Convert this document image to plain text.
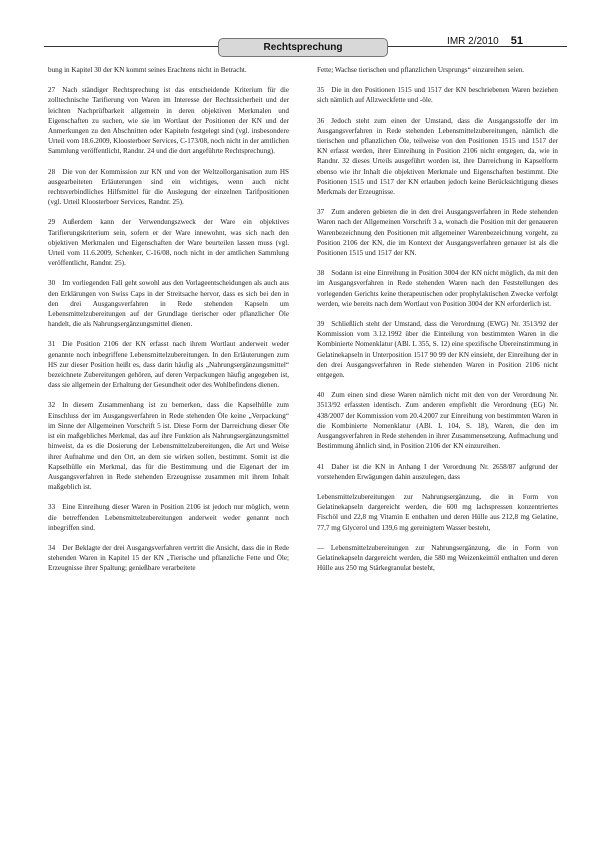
Rechtsprechung
IMR 2/2010 51

bung in Kapitel 30 der KN kommt seines Erachtens nicht in Betracht.

27  Nach ständiger Rechtsprechung ist das entscheidende Kriterium für die zolltechnische Tarifierung von Waren im Interesse der Rechtssicherheit und der leichten Nachprüfbarkeit allgemein in deren objektiven Merkmalen und Eigenschaften zu suchen, wie sie im Wortlaut der Positionen der KN und der Anmerkungen zu den Abschnitten oder Kapiteln festgelegt sind (vgl. insbesondere Urteil vom 18.6.2009, Kloosterboer Services, C-173/08, noch nicht in der amtlichen Sammlung veröffentlicht, Randnr. 24 und die dort angeführte Rechtsprechung).

28  Die von der Kommission zur KN und von der Weltzollorganisation zum HS ausgearbeiteten Erläuterungen sind ein wichtiges, wenn auch nicht rechtsverbindliches Hilfsmittel für die Auslegung der einzelnen Tarifpositionen (vgl. Urteil Kloosterboer Services, Randnr. 25).

29  Außerdem kann der Verwendungszweck der Ware ein objektives Tarifierungskriterium sein, sofern er der Ware innewohnt, was sich nach den objektiven Merkmalen und Eigenschaften der Ware beurteilen lassen muss (vgl. Urteil vom 11.6.2009, Schenker, C-16/08, noch nicht in der amtlichen Sammlung veröffentlicht, Randnr. 25).

30  Im vorliegenden Fall geht sowohl aus den Vorlageentscheidungen als auch aus den Erklärungen von Swiss Caps in der Streitsache hervor, dass es sich bei den in den drei Ausgangsverfahren in Rede stehenden Kapseln um Lebensmittelzubereitungen auf der Grundlage tierischer oder pflanzlicher Öle handelt, die als Nahrungsergänzungsmittel dienen.

31  Die Position 2106 der KN erfasst nach ihrem Wortlaut anderweit weder genannte noch inbegriffene Lebensmittelzubereitungen. In den Erläuterungen zum HS zur dieser Position heißt es, dass darin häufig als „Nahrungsergänzungsmittel“ bezeichnete Zubereitungen gehören, auf deren Verpackungen häufig angegeben ist, dass sie allgemein der Erhaltung der Gesundheit oder des Wohlbefindens dienen.

32  In diesem Zusammenhang ist zu bemerken, dass die Kapselhülle zum Einschluss der im Ausgangsverfahren in Rede stehenden Öle keine „Verpackung“ im Sinne der Allgemeinen Vorschrift 5 ist. Diese Form der Darreichung dieser Öle ist ein maßgebliches Merkmal, das auf ihre Funktion als Nahrungsergänzungsmittel hinweist, da es die Dosierung der Lebensmittelzubereitungen, die Art und Weise ihrer Aufnahme und den Ort, an dem sie wirken sollen, bestimmt. Somit ist die Kapselhülle ein Merkmal, das für die Bestimmung und die Eigenart der im Ausgangsverfahren in Rede stehenden Erzeugnisse zusammen mit ihrem Inhalt maßgeblich ist.

33  Eine Einreihung dieser Waren in Position 2106 ist jedoch nur möglich, wenn die betreffenden Lebensmittelzubereitungen anderweit weder genannt noch inbegriffen sind.

34  Der Beklagte der drei Ausgangsverfahren vertritt die Ansicht, dass die in Rede stehenden Waren in Kapitel 15 der KN „Tierische und pflanzliche Fette und Öle; Erzeugnisse ihrer Spaltung; genießbare verarbeitete

Fette; Wachse tierischen und pflanzlichen Ursprungs“ einzureihen seien.

35  Die in den Positionen 1515 und 1517 der KN beschriebenen Waren beziehen sich nämlich auf Allzweckfette und -öle.

36  Jedoch steht zum einen der Umstand, dass die Ausgangsstoffe der im Ausgangsverfahren in Rede stehenden Lebensmittelzubereitungen, nämlich die tierischen und pflanzlichen Öle, teilweise von den Positionen 1515 und 1517 der KN erfasst werden, ihrer Einreihung in Position 2106 nicht entgegen, da, wie in Randnr. 32 dieses Urteils ausgeführt worden ist, ihre Darreichung in Kapselform ebenso wie ihr Inhalt die objektiven Merkmale und Eigenschaften bestimmt. Die Positionen 1515 und 1517 der KN erlauben jedoch keine Berücksichtigung dieses Merkmals der Erzeugnisse.

37  Zum anderen gebieten die in den drei Ausgangsverfahren in Rede stehenden Waren nach der Allgemeinen Vorschrift 3 a, wonach die Position mit der genaueren Warenbezeichnung den Positionen mit allgemeiner Warenbezeichnung vorgeht, zu Position 2106 der KN, die im Kontext der Ausgangsverfahren genauer ist als die Positionen 1515 und 1517 der KN.

38  Sodann ist eine Einreihung in Position 3004 der KN nicht möglich, da mit den im Ausgangsverfahren in Rede stehenden Waren nach den Feststellungen des vorlegenden Gerichts keine therapeutischen oder prophylaktischen Zwecke verfolgt werden, wie bereits nach dem Wortlaut von Position 3004 der KN erforderlich ist.

39  Schließlich steht der Umstand, dass die Verordnung (EWG) Nr. 3513/92 der Kommission vom 3.12.1992 über die Einteilung von bestimmten Waren in die Kombinierte Nomenklatur (ABl. L 355, S. 12) eine spezifische Übereinstimmung in Gelatinekapseln in Unterposition 1517 90 99 der KN einsieht, der Einreihung der in den drei Ausgangsverfahren in Rede stehenden Waren in Position 2106 nicht entgegen.

40  Zum einen sind diese Waren nämlich nicht mit den von der Verordnung Nr. 3513/92 erfassten identisch. Zum anderen empfiehlt die Verordnung (EG) Nr. 438/2007 der Kommission vom 20.4.2007 zur Einreihung von bestimmten Waren in die Kombinierte Nomenklatur (ABl. L 104, S. 18), Waren, die den im Ausgangsverfahren in Rede stehenden in ihrer Zusammensetzung, Aufmachung und Bestimmung ähnlich sind, in Position 2106 der KN einzureihen.

41  Daher ist die KN in Anhang I der Verordnung Nr. 2658/87 aufgrund der vorstehenden Erwägungen dahin auszulegen, dass

Lebensmittelzubereitungen zur Nahrungsergänzung, die in Form von Gelatinekapseln dargereicht werden, die 600 mg lachspressen konzentriertes Fischöl und 22,8 mg Vitamin E enthalten und deren Hülle aus 212,8 mg Gelatine, 77,7 mg Glycerol und 139,6 mg gereinigtem Wasser besteht,

— Lebensmittelzubereitungen zur Nahrungsergänzung, die in Form von Gelatinekapseln dargereicht werden, die 580 mg Weizenkeimöl enthalten und deren Hülle aus 250 mg Stärkegranulat besteht,
